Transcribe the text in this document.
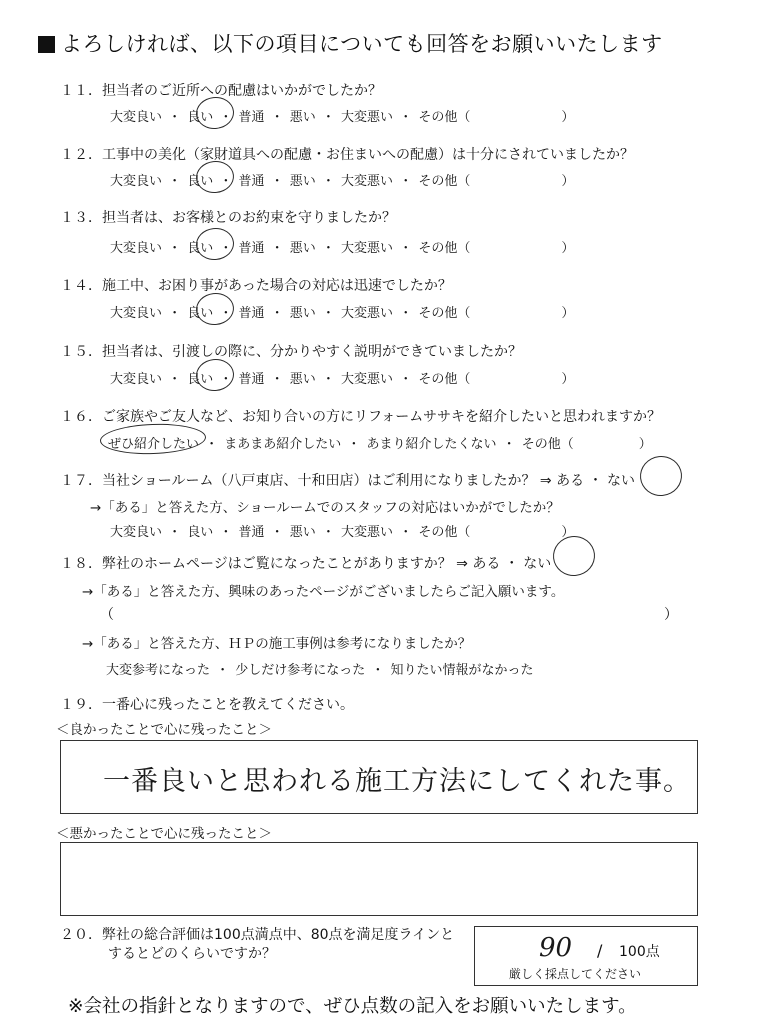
よろしければ、以下の項目についても回答をお願いいたします
１１．担当者のご近所への配慮はいかがでしたか？
大変良い ・ 良い ・ 普通 ・ 悪い ・ 大変悪い ・ その他（　　　　　　　）
１２．工事中の美化（家財道具への配慮・お住まいへの配慮）は十分にされていましたか？
大変良い ・ 良い ・ 普通 ・ 悪い ・ 大変悪い ・ その他（　　　　　　　）
１３．担当者は、お客様とのお約束を守りましたか？
大変良い ・ 良い ・ 普通 ・ 悪い ・ 大変悪い ・ その他（　　　　　　　）
１４．施工中、お困り事があった場合の対応は迅速でしたか？
大変良い ・ 良い ・ 普通 ・ 悪い ・ 大変悪い ・ その他（　　　　　　　）
１５．担当者は、引渡しの際に、分かりやすく説明ができていましたか？
大変良い ・ 良い ・ 普通 ・ 悪い ・ 大変悪い ・ その他（　　　　　　　）
１６．ご家族やご友人など、お知り合いの方にリフォームササキを紹介したいと思われますか？
ぜひ紹介したい ・ まあまあ紹介したい ・ あまり紹介したくない ・ その他（　　　　　）
１７．当社ショールーム（八戸東店、十和田店）はご利用になりましたか？ ⇒ ある ・ ない
→「ある」と答えた方、ショールームでのスタッフの対応はいかがでしたか？
大変良い ・ 良い ・ 普通 ・ 悪い ・ 大変悪い ・ その他（　　　　　　　）
１８．弊社のホームページはご覧になったことがありますか？ ⇒ ある ・ ない
→「ある」と答えた方、興味のあったページがございましたらご記入願います。
（	）
→「ある」と答えた方、ＨＰの施工事例は参考になりましたか？
大変参考になった ・ 少しだけ参考になった ・ 知りたい情報がなかった
１９．一番心に残ったことを教えてください。
＜良かったことで心に残ったこと＞
一番良いと思われる施工方法にしてくれた事。
＜悪かったことで心に残ったこと＞
２０．弊社の総合評価は100点満点中、80点を満足度ラインと
するとどのくらいですか？	90 / 100点
厳しく採点してください
※会社の指針となりますので、ぜひ点数の記入をお願いいたします。
